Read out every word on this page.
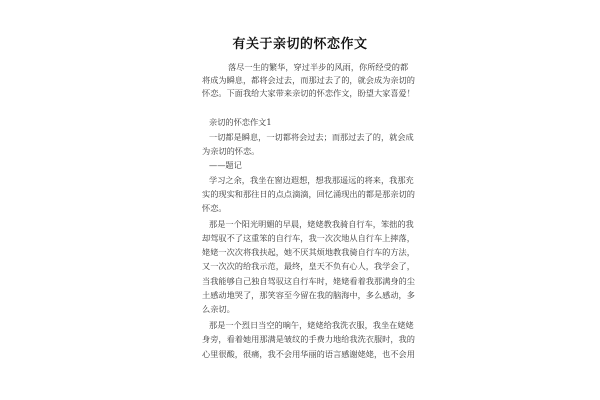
有关于亲切的怀恋作文
落尽一生的繁华，穿过半步的风雨，你所经受的都
将成为瞬息，都将会过去，而那过去了的，就会成为亲切的
怀恋。下面我给大家带来亲切的怀恋作文，盼望大家喜爱！
亲切的怀恋作文1
一切都是瞬息，一切都将会过去；而那过去了的，就会成
为亲切的怀恋。
——题记
学习之余，我坐在窗边遐想，想我那遥远的将来，我那充
实的现实和那往日的点点滴滴，回忆涌现出的都是那亲切的
怀恋。
那是一个阳光明媚的早晨，姥姥教我骑自行车，笨拙的我
却驾驭不了这重笨的自行车，我一次次地从自行车上摔落，
姥姥一次次将我扶起，她不厌其烦地教我骑自行车的方法，
又一次次的给我示范，最终，皇天不负有心人，我学会了，
当我能够自己独自驾驭这自行车时，姥姥看着我那满身的尘
土感动地哭了，那笑容至今留在我的脑海中，多么感动，多
么亲切。
那是一个烈日当空的晌午，姥姥给我洗衣服，我坐在姥姥
身旁，看着她用那满是皱纹的手费力地给我洗衣服时，我的
心里很酸，很痛，我不会用华丽的语言感谢姥姥，也不会用
